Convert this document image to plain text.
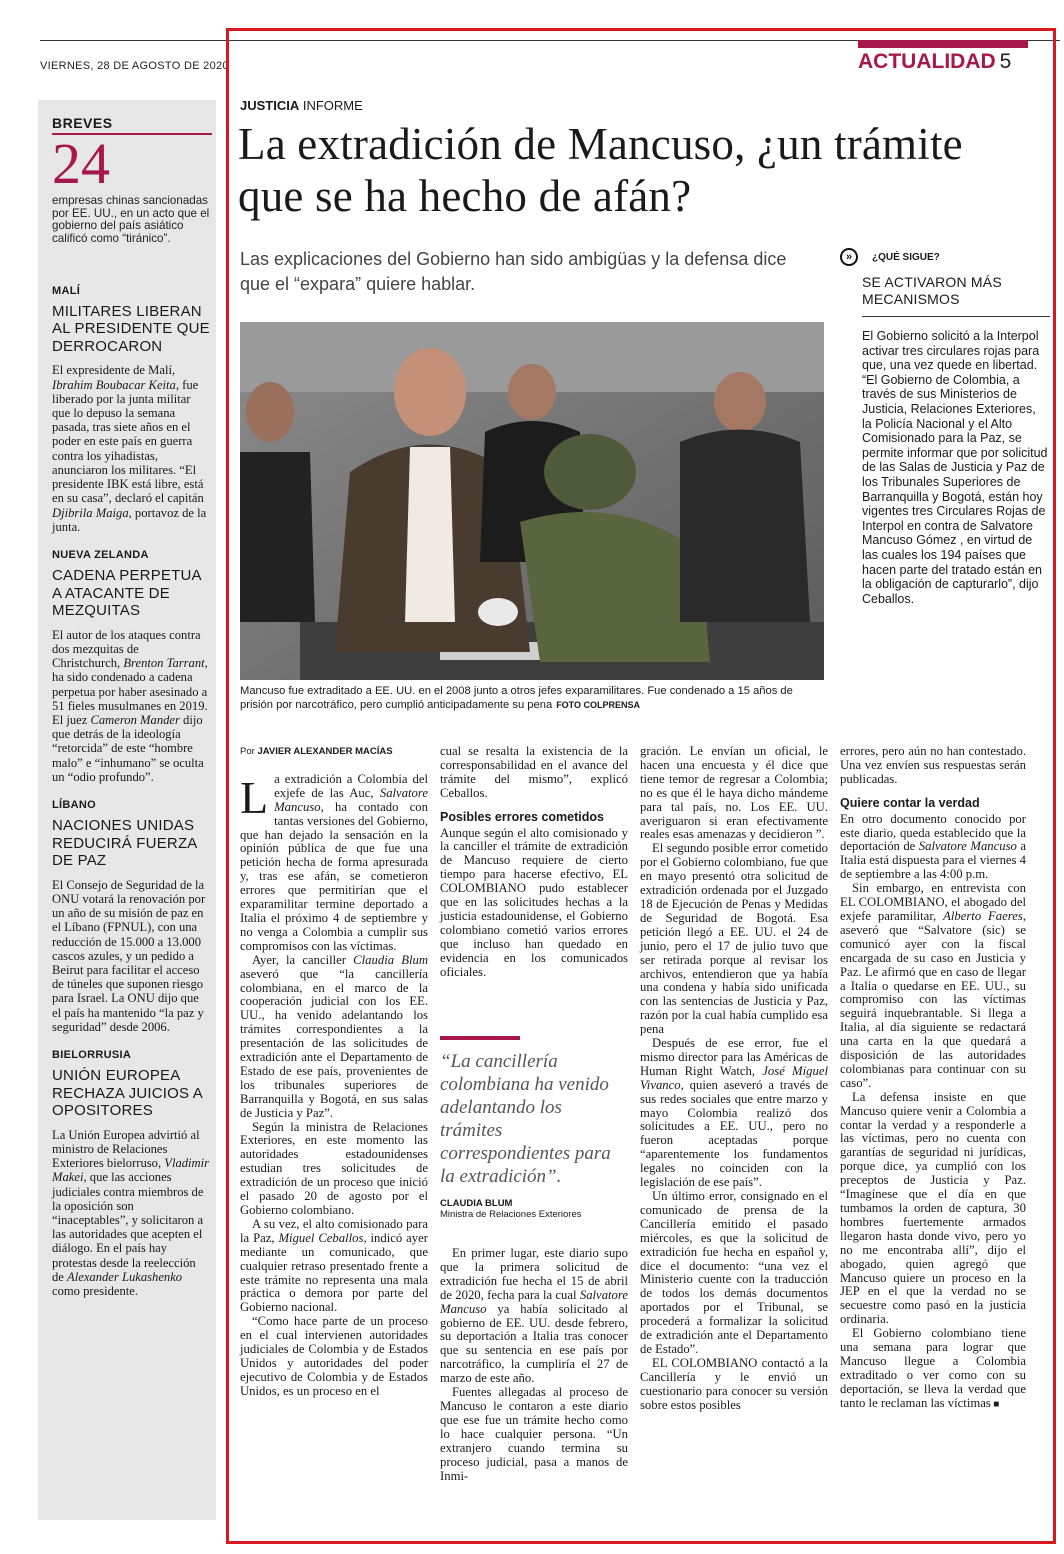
VIERNES, 28 DE AGOSTO DE 2020	ACTUALIDAD 5
BREVES
24
empresas chinas sancionadas por EE. UU., en un acto que el gobierno del país asiático calificó como “tiránico”.
MALÍ
MILITARES LIBERAN AL PRESIDENTE QUE DERROCARON
El expresidente de Malí, Ibrahim Boubacar Keita, fue liberado por la junta militar que lo depuso la semana pasada, tras siete años en el poder en este país en guerra contra los yihadistas, anunciaron los militares. “El presidente IBK está libre, está en su casa”, declaró el capitán Djibrila Maiga, portavoz de la junta.
NUEVA ZELANDA
CADENA PERPETUA A ATACANTE DE MEZQUITAS
El autor de los ataques contra dos mezquitas de Christchurch, Brenton Tarrant, ha sido condenado a cadena perpetua por haber asesinado a 51 fieles musulmanes en 2019. El juez Cameron Mander dijo que detrás de la ideología “retorcida” de este “hombre malo” e “inhumano” se oculta un “odio profundo”.
LÍBANO
NACIONES UNIDAS REDUCIRÁ FUERZA DE PAZ
El Consejo de Seguridad de la ONU votará la renovación por un año de su misión de paz en el Líbano (FPNUL), con una reducción de 15.000 a 13.000 cascos azules, y un pedido a Beirut para facilitar el acceso de túneles que suponen riesgo para Israel. La ONU dijo que el país ha mantenido “la paz y seguridad” desde 2006.
BIELORRUSIA
UNIÓN EUROPEA RECHAZA JUICIOS A OPOSITORES
La Unión Europea advirtió al ministro de Relaciones Exteriores bielorruso, Vladimir Makei, que las acciones judiciales contra miembros de la oposición son “inaceptables”, y solicitaron a las autoridades que acepten el diálogo. En el país hay protestas desde la reelección de Alexander Lukashenko como presidente.
JUSTICIA INFORME
La extradición de Mancuso, ¿un trámite que se ha hecho de afán?
Las explicaciones del Gobierno han sido ambigüas y la defensa dice que el “expara” quiere hablar.
Mancuso fue extraditado a EE. UU. en el 2008 junto a otros jefes exparamilitares. Fue condenado a 15 años de prisión por narcotráfico, pero cumplió anticipadamente su pena FOTO COLPRENSA
»	¿QUÉ SIGUE?
SE ACTIVARON MÁS MECANISMOS
El Gobierno solicitó a la Interpol activar tres circulares rojas para que, una vez quede en libertad. “El Gobierno de Colombia, a través de sus Ministerios de Justicia, Relaciones Exteriores, la Policía Nacional y el Alto Comisionado para la Paz, se permite informar que por solicitud de las Salas de Justicia y Paz de los Tribunales Superiores de Barranquilla y Bogotá, están hoy vigentes tres Circulares Rojas de Interpol en contra de Salvatore Mancuso Gómez , en virtud de las cuales los 194 países que hacen parte del tratado están en la obligación de capturarlo”, dijo Ceballos.
Por JAVIER ALEXANDER MACÍAS

La extradición a Colombia del exjefe de las Auc, Salvatore Mancuso, ha contado con tantas versiones del Gobierno, que han dejado la sensación en la opinión pública de que fue una petición hecha de forma apresurada y, tras ese afán, se cometieron errores que permitirían que el exparamilitar termine deportado a Italia el próximo 4 de septiembre y no venga a Colombia a cumplir sus compromisos con las víctimas.

Ayer, la canciller Claudia Blum aseveró que “la cancillería colombiana, en el marco de la cooperación judicial con los EE. UU., ha venido adelantando los trámites correspondientes a la presentación de las solicitudes de extradición ante el Departamento de Estado de ese país, provenientes de los tribunales superiores de Barranquilla y Bogotá, en sus salas de Justicia y Paz”.

Según la ministra de Relaciones Exteriores, en este momento las autoridades estadounidenses estudian tres solicitudes de extradición de un proceso que inició el pasado 20 de agosto por el Gobierno colombiano.

A su vez, el alto comisionado para la Paz, Miguel Ceballos, indicó ayer mediante un comunicado, que cualquier retraso presentado frente a este trámite no representa una mala práctica o demora por parte del Gobierno nacional.

“Como hace parte de un proceso en el cual intervienen autoridades judiciales de Colombia y de Estados Unidos y autoridades del poder ejecutivo de Colombia y de Estados Unidos, es un proceso en el

cual se resalta la existencia de la corresponsabilidad en el avance del trámite del mismo”, explicó Ceballos.

Posibles errores cometidos

Aunque según el alto comisionado y la canciller el trámite de extradición de Mancuso requiere de cierto tiempo para hacerse efectivo, EL COLOMBIANO pudo establecer que en las solicitudes hechas a la justicia estadounidense, el Gobierno colombiano cometió varios errores que incluso han quedado en evidencia en los comunicados oficiales.

“La cancillería colombiana ha venido adelantando los trámites correspondientes para la extradición”.
CLAUDIA BLUM
Ministra de Relaciones Exteriores

En primer lugar, este diario supo que la primera solicitud de extradición fue hecha el 15 de abril de 2020, fecha para la cual Salvatore Mancuso ya había solicitado al gobierno de EE. UU. desde febrero, su deportación a Italia tras conocer que su sentencia en ese país por narcotráfico, la cumpliría el 27 de marzo de este año.

Fuentes allegadas al proceso de Mancuso le contaron a este diario que ese fue un trámite hecho como lo hace cualquier persona. “Un extranjero cuando termina su proceso judicial, pasa a manos de Inmi-

gración. Le envían un oficial, le hacen una encuesta y él dice que tiene temor de regresar a Colombia; no es que él le haya dicho mándeme para tal país, no. Los EE. UU. averiguaron si eran efectivamente reales esas amenazas y decidieron ”.

El segundo posible error cometido por el Gobierno colombiano, fue que en mayo presentó otra solicitud de extradición ordenada por el Juzgado 18 de Ejecución de Penas y Medidas de Seguridad de Bogotá. Esa petición llegó a EE. UU. el 24 de junio, pero el 17 de julio tuvo que ser retirada porque al revisar los archivos, entendieron que ya había una condena y había sido unificada con las sentencias de Justicia y Paz, razón por la cual había cumplido esa pena

Después de ese error, fue el mismo director para las Américas de Human Right Watch, José Miguel Vivanco, quien aseveró a través de sus redes sociales que entre marzo y mayo Colombia realizó dos solicitudes a EE. UU., pero no fueron aceptadas porque “aparentemente los fundamentos legales no coinciden con la legislación de ese país”.

Un último error, consignado en el comunicado de prensa de la Cancillería emitido el pasado miércoles, es que la solicitud de extradición fue hecha en español y, dice el documento: “una vez el Ministerio cuente con la traducción de todos los demás documentos aportados por el Tribunal, se procederá a formalizar la solicitud de extradición ante el Departamento de Estado”.

EL COLOMBIANO contactó a la Cancillería y le envió un cuestionario para conocer su versión sobre estos posibles

errores, pero aún no han contestado. Una vez envíen sus respuestas serán publicadas.

Quiere contar la verdad

En otro documento conocido por este diario, queda establecido que la deportación de Salvatore Mancuso a Italia está dispuesta para el viernes 4 de septiembre a las 4:00 p.m.

Sin embargo, en entrevista con EL COLOMBIANO, el abogado del exjefe paramilitar, Alberto Faeres, aseveró que “Salvatore (sic) se comunicó ayer con la fiscal encargada de su caso en Justicia y Paz. Le afirmó que en caso de llegar a Italia o quedarse en EE. UU., su compromiso con las víctimas seguirá inquebrantable. Si llega a Italia, al día siguiente se redactará una carta en la que quedará a disposición de las autoridades colombianas para continuar con su caso”.

La defensa insiste en que Mancuso quiere venir a Colombia a contar la verdad y a responderle a las víctimas, pero no cuenta con garantías de seguridad ni jurídicas, porque dice, ya cumplió con los preceptos de Justicia y Paz. “Imagínese que el día en que tumbamos la orden de captura, 30 hombres fuertemente armados llegaron hasta donde vivo, pero yo no me encontraba allí”, dijo el abogado, quien agregó que Mancuso quiere un proceso en la JEP en el que la verdad no se secuestre como pasó en la justicia ordinaria.

El Gobierno colombiano tiene una semana para lograr que Mancuso llegue a Colombia extraditado o ver como con su deportación, se lleva la verdad que tanto le reclaman las víctimas ■
